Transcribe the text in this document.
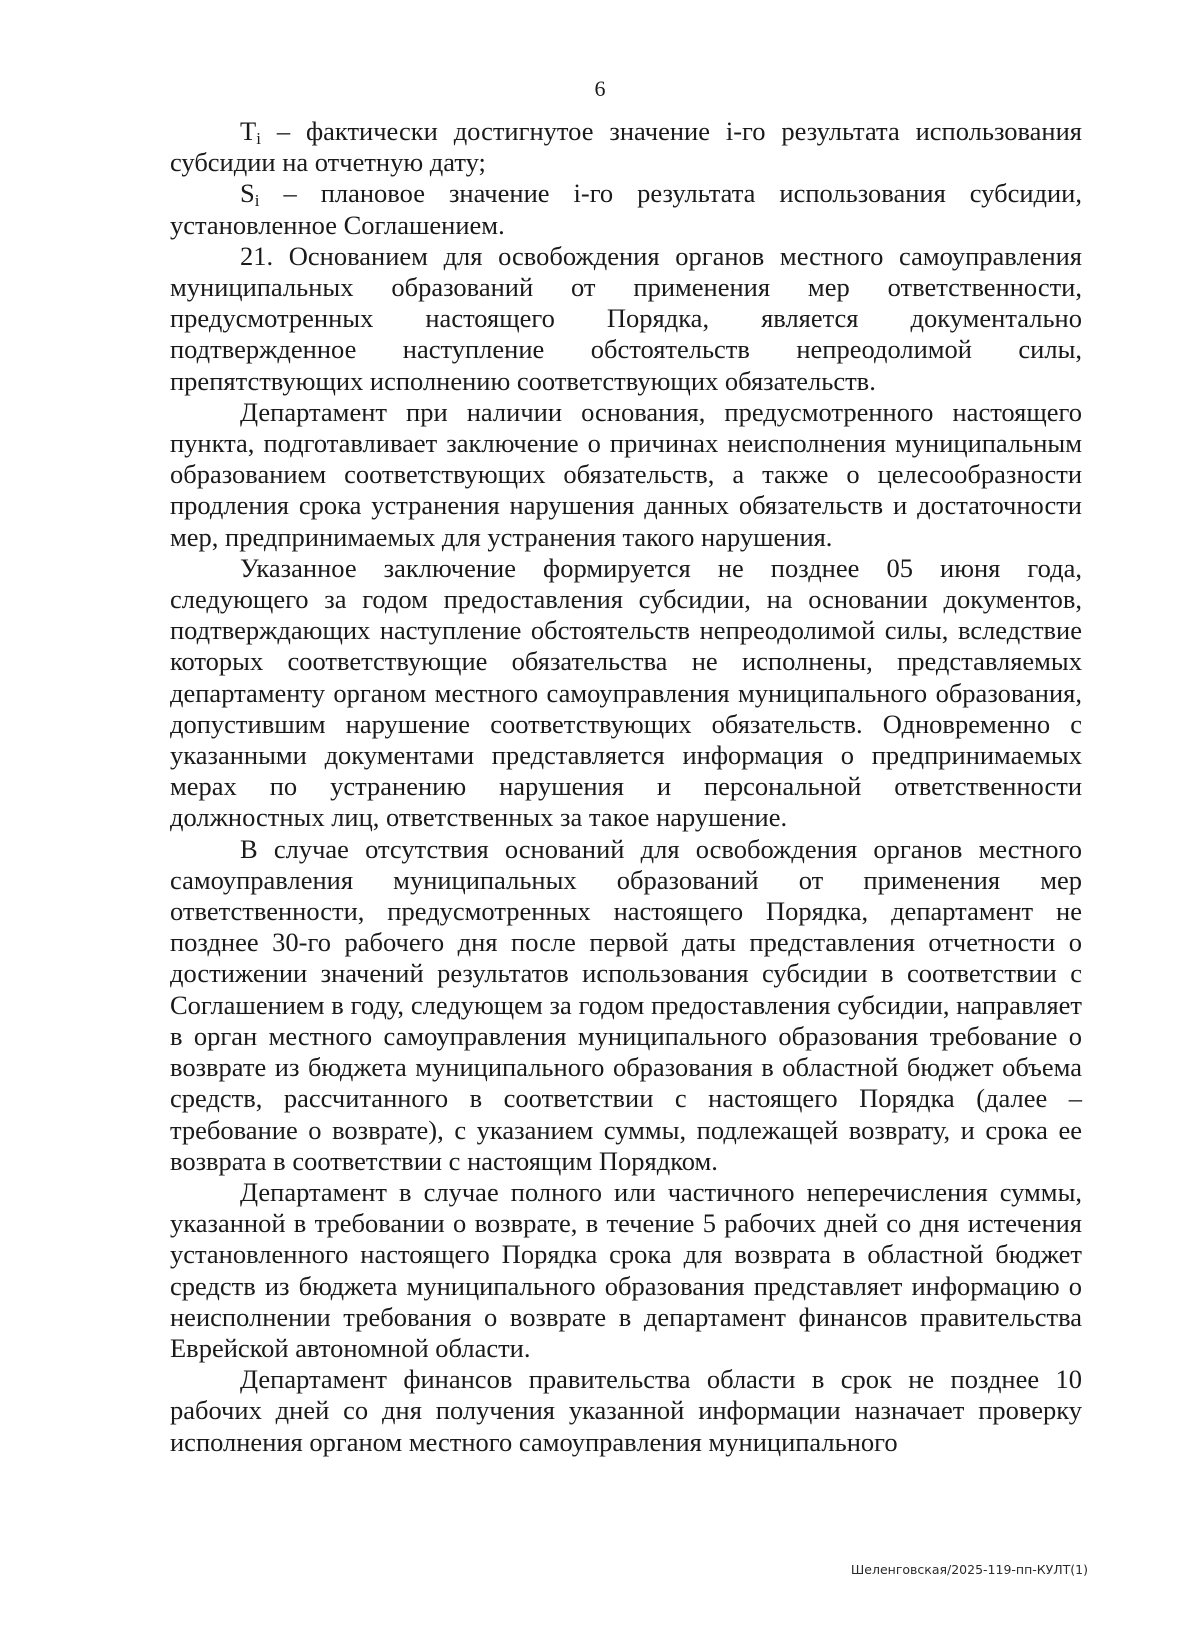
6

$T_i$ – фактически достигнутое значение i-го результата использования субсидии на отчетную дату;

$S_i$ – плановое значение i-го результата использования субсидии, установленное Соглашением.

21. Основанием для освобождения органов местного самоуправления муниципальных образований от применения мер ответственности, предусмотренных настоящего Порядка, является документально подтвержденное наступление обстоятельств непреодолимой силы, препятствующих исполнению соответствующих обязательств.

Департамент при наличии основания, предусмотренного настоящего пункта, подготавливает заключение о причинах неисполнения муниципальным образованием соответствующих обязательств, а также о целесообразности продления срока устранения нарушения данных обязательств и достаточности мер, предпринимаемых для устранения такого нарушения.

Указанное заключение формируется не позднее 05 июня года, следующего за годом предоставления субсидии, на основании документов, подтверждающих наступление обстоятельств непреодолимой силы, вследствие которых соответствующие обязательства не исполнены, представляемых департаменту органом местного самоуправления муниципального образования, допустившим нарушение соответствующих обязательств. Одновременно с указанными документами представляется информация о предпринимаемых мерах по устранению нарушения и персональной ответственности должностных лиц, ответственных за такое нарушение.

В случае отсутствия оснований для освобождения органов местного самоуправления муниципальных образований от применения мер ответственности, предусмотренных настоящего Порядка, департамент не позднее 30-го рабочего дня после первой даты представления отчетности о достижении значений результатов использования субсидии в соответствии с Соглашением в году, следующем за годом предоставления субсидии, направляет в орган местного самоуправления муниципального образования требование о возврате из бюджета муниципального образования в областной бюджет объема средств, рассчитанного в соответствии с настоящего Порядка (далее – требование о возврате), с указанием суммы, подлежащей возврату, и срока ее возврата в соответствии с настоящим Порядком.

Департамент в случае полного или частичного неперечисления суммы, указанной в требовании о возврате, в течение 5 рабочих дней со дня истечения установленного настоящего Порядка срока для возврата в областной бюджет средств из бюджета муниципального образования представляет информацию о неисполнении требования о возврате в департамент финансов правительства Еврейской автономной области.

Департамент финансов правительства области в срок не позднее 10 рабочих дней со дня получения указанной информации назначает проверку исполнения органом местного самоуправления муниципального

Шеленговская/2025-119-пп-КУЛТ(1)
